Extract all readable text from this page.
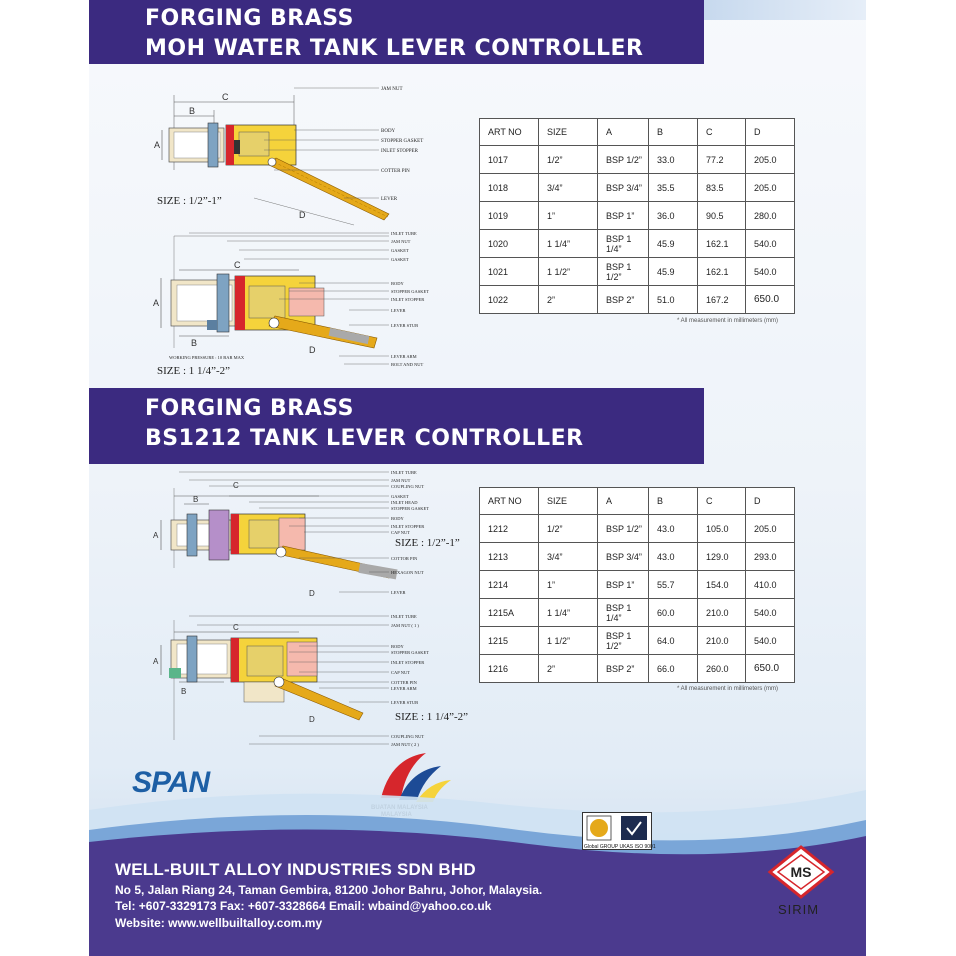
FORGING BRASS
MOH WATER TANK LEVER CONTROLLER
JAM NUT
BODY
STOPPER GASKET
INLET STOPPER
COTTER PIN
LEVER
A
B
C
D
SIZE : 1/2”-1”
INLET TUBE
JAM NUT
GASKET
GASKET
BODY
STOPPER GASKET
INLET STOPPER
LEVER
LEVER STUB
LEVER ARM
BOLT AND NUT
WORKING PRESSURE : 10 BAR MAX
A
B
C
D
SIZE : 1 1/4”-2”
ART NO	SIZE	A	B	C	D
1017	1/2”	BSP 1/2”	33.0	77.2	205.0
1018	3/4”	BSP 3/4”	35.5	83.5	205.0
1019	1”	BSP 1”	36.0	90.5	280.0
1020	1 1/4”	BSP 1 1/4”	45.9	162.1	540.0
1021	1 1/2”	BSP 1 1/2”	45.9	162.1	540.0
1022	2”	BSP 2”	51.0	167.2	650.0
* All measurement in millimeters (mm)
FORGING BRASS
BS1212 TANK LEVER CONTROLLER
INLET TUBE
JAM NUT
COUPLING NUT
GASKET
INLET HEAD
STOPPER GASKET
BODY
INLET STOPPER
CAP NUT
COTTOR PIN
HEXAGON NUT
LEVER
A
B
C
D
SIZE : 1/2”-1”
INLET TUBE
JAM NUT ( 1 )
BODY
STOPPER GASKET
INLET STOPPER
CAP NUT
COTTER PIN
LEVER ARM
LEVER STUB
COUPLING NUT
JAM NUT ( 2 )
A
B
C
D	SIZE : 1 1/4”-2”
ART NO	SIZE	A	B	C	D
1212	1/2”	BSP 1/2”	43.0	105.0	205.0
1213	3/4”	BSP 3/4”	43.0	129.0	293.0
1214	1”	BSP 1”	55.7	154.0	410.0
1215A	1 1/4”	BSP 1 1/4”	60.0	210.0	540.0
1215	1 1/2”	BSP 1 1/2”	64.0	210.0	540.0
1216	2”	BSP 2”	66.0	260.0	650.0
* All measurement in millimeters (mm)
SPAN

Global GROUP UKAS ISO 9001
MS
SIRIM
WELL-BUILT ALLOY INDUSTRIES SDN BHD
No 5, Jalan Riang 24, Taman Gembira, 81200 Johor Bahru, Johor, Malaysia.
Tel: +607-3329173 Fax: +607-3328664 Email: wbaind@yahoo.co.uk
Website: www.wellbuiltalloy.com.my
